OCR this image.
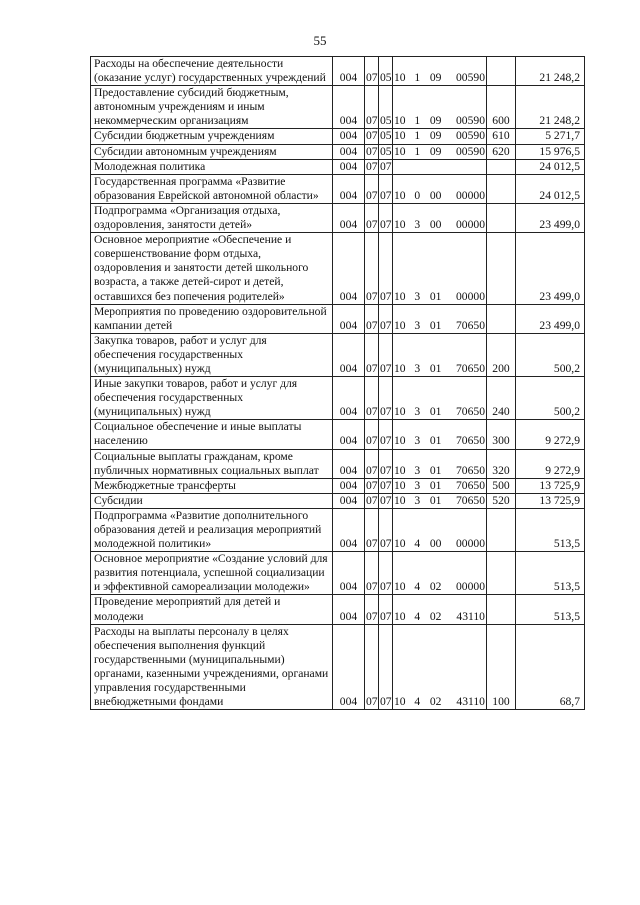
55
Расходы на обеспечение деятельности (оказание услуг) государственных учреждений	004	07	05	10 1 09 00590		21 248,2
Предоставление субсидий бюджетным, автономным учреждениям и иным некоммерческим организациям	004	07	05	10 1 09 00590	600	21 248,2
Субсидии бюджетным учреждениям	004	07	05	10 1 09 00590	610	5 271,7
Субсидии автономным учреждениям	004	07	05	10 1 09 00590	620	15 976,5
Молодежная политика	004	07	07			24 012,5
Государственная программа «Развитие образования Еврейской автономной области»	004	07	07	10 0 00 00000		24 012,5
Подпрограмма «Организация отдыха, оздоровления, занятости детей»	004	07	07	10 3 00 00000		23 499,0
Основное мероприятие «Обеспечение и совершенствование форм отдыха, оздоровления и занятости детей школьного возраста, а также детей-сирот и детей, оставшихся без попечения родителей»	004	07	07	10 3 01 00000		23 499,0
Мероприятия по проведению оздоровительной кампании детей	004	07	07	10 3 01 70650		23 499,0
Закупка товаров, работ и услуг для обеспечения государственных (муниципальных) нужд	004	07	07	10 3 01 70650	200	500,2
Иные закупки товаров, работ и услуг для обеспечения государственных (муниципальных) нужд	004	07	07	10 3 01 70650	240	500,2
Социальное обеспечение и иные выплаты населению	004	07	07	10 3 01 70650	300	9 272,9
Социальные выплаты гражданам, кроме публичных нормативных социальных выплат	004	07	07	10 3 01 70650	320	9 272,9
Межбюджетные трансферты	004	07	07	10 3 01 70650	500	13 725,9
Субсидии	004	07	07	10 3 01 70650	520	13 725,9
Подпрограмма «Развитие дополнительного образования детей и реализация мероприятий молодежной политики»	004	07	07	10 4 00 00000		513,5
Основное мероприятие «Создание условий для развития потенциала, успешной социализации и эффективной самореализации молодежи»	004	07	07	10 4 02 00000		513,5
Проведение мероприятий для детей и молодежи	004	07	07	10 4 02 43110		513,5
Расходы на выплаты персоналу в целях обеспечения выполнения функций государственными (муниципальными) органами, казенными учреждениями, органами управления государственными внебюджетными фондами	004	07	07	10 4 02 43110	100	68,7
